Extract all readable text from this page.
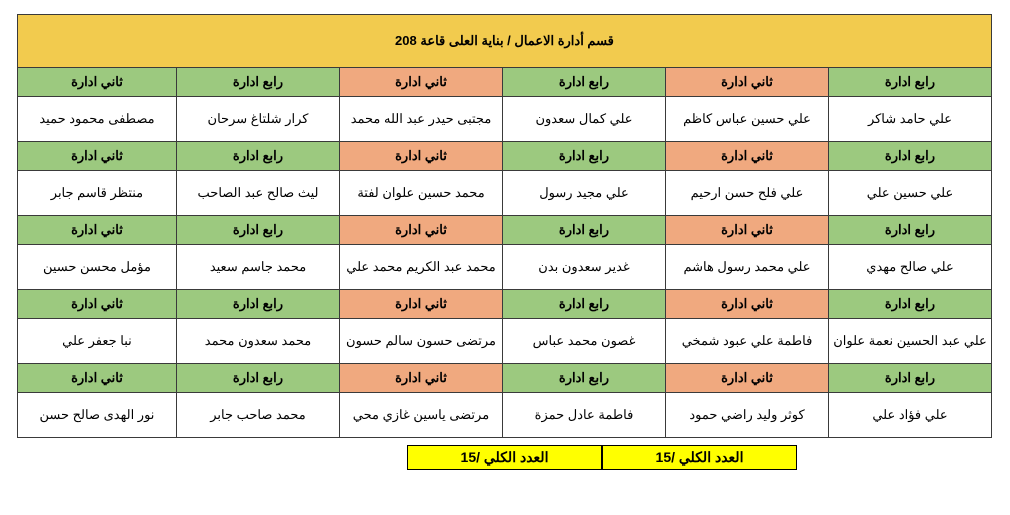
قسم أدارة الاعمال / بناية العلى قاعة 208					
رابع ادارة	ثاني ادارة	رابع ادارة	ثاني ادارة	رابع ادارة	ثاني ادارة
علي حامد شاكر	علي حسين عباس كاظم	علي كمال سعدون	مجتبى حيدر عبد الله محمد	كرار شلتاغ سرحان	مصطفى محمود حميد
رابع ادارة	ثاني ادارة	رابع ادارة	ثاني ادارة	رابع ادارة	ثاني ادارة
علي حسين علي	علي فلح حسن ارحيم	علي مجيد رسول	محمد حسين علوان لفتة	ليث صالح عبد الصاحب	منتظر قاسم جابر
رابع ادارة	ثاني ادارة	رابع ادارة	ثاني ادارة	رابع ادارة	ثاني ادارة
علي صالح مهدي	علي محمد رسول هاشم	غدير سعدون بدن	محمد عبد الكريم محمد علي	محمد جاسم سعيد	مؤمل محسن حسين
رابع ادارة	ثاني ادارة	رابع ادارة	ثاني ادارة	رابع ادارة	ثاني ادارة
علي عبد الحسين نعمة علوان	فاطمة علي عبود شمخي	غصون محمد عباس	مرتضى حسون سالم حسون	محمد سعدون محمد	نبا جعفر علي
رابع ادارة	ثاني ادارة	رابع ادارة	ثاني ادارة	رابع ادارة	ثاني ادارة
علي فؤاد علي	كوثر وليد راضي حمود	فاطمة عادل حمزة	مرتضى ياسين غازي محي	محمد صاحب جابر	نور الهدى صالح حسن
العدد الكلي /15
العدد الكلي /15
